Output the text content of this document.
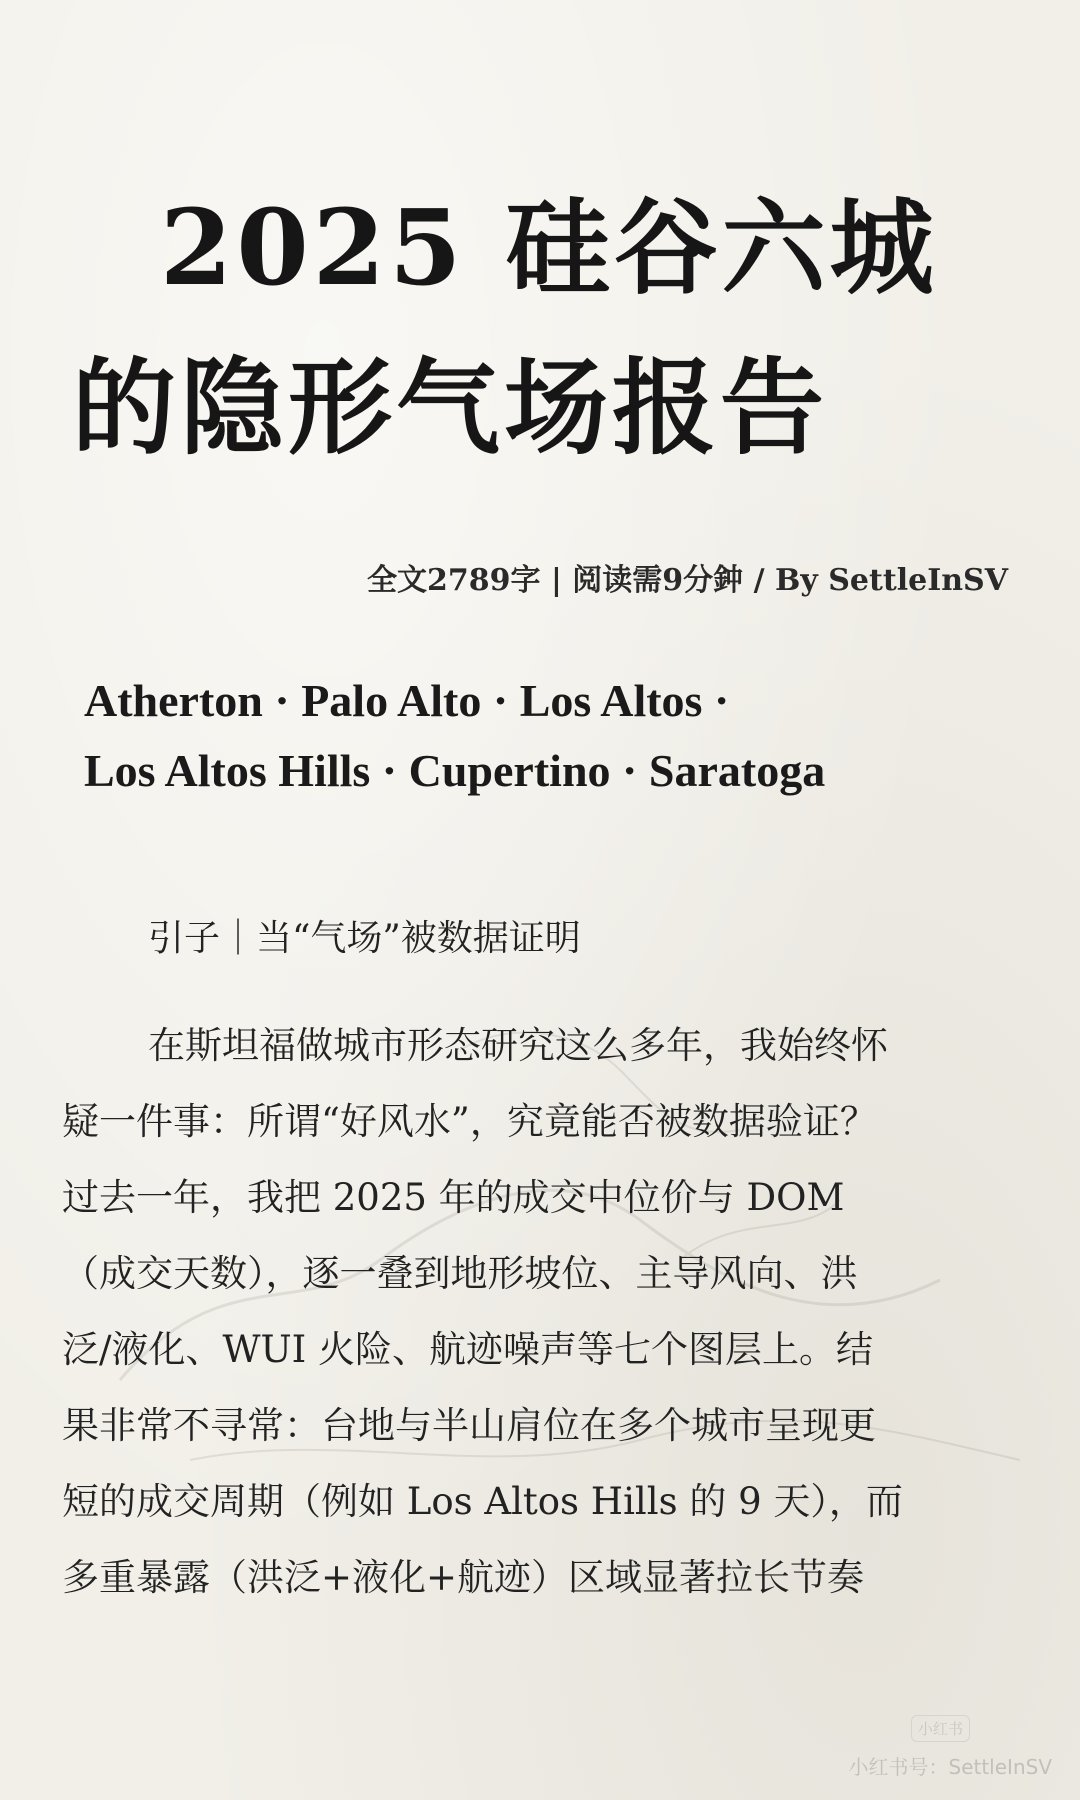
2025 硅谷六城
的隐形气场报告
全文2789字 | 阅读需9分鈡 / By SettleInSV
Atherton · Palo Alto · Los Altos ·
Los Altos Hills · Cupertino · Saratoga
引子｜当“气场”被数据证明
在斯坦福做城市形态研究这么多年，我始终怀
疑一件事：所谓“好风水”，究竟能否被数据验证？
过去一年，我把 2025 年的成交中位价与 DOM
（成交天数），逐一叠到地形坡位、主导风向、洪
泛/液化、WUI 火险、航迹噪声等七个图层上。结
果非常不寻常：台地与半山肩位在多个城市呈现更
短的成交周期（例如 Los Altos Hills 的 9 天），而
多重暴露（洪泛+液化+航迹）区域显著拉长节奏
小红书
小红书号：SettleInSV
